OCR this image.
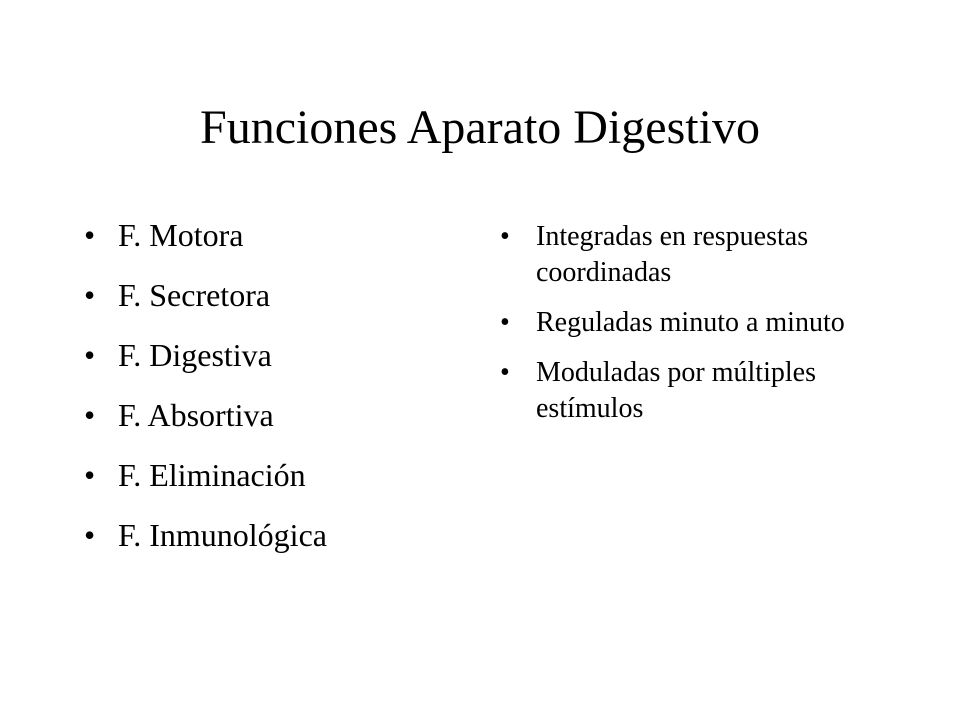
Funciones Aparato Digestivo
• F. Motora
• F. Secretora
• F. Digestiva
• F. Absortiva
• F. Eliminación
• F. Inmunológica
• Integradas en respuestas coordinadas
• Reguladas minuto a minuto
• Moduladas por múltiples estímulos
